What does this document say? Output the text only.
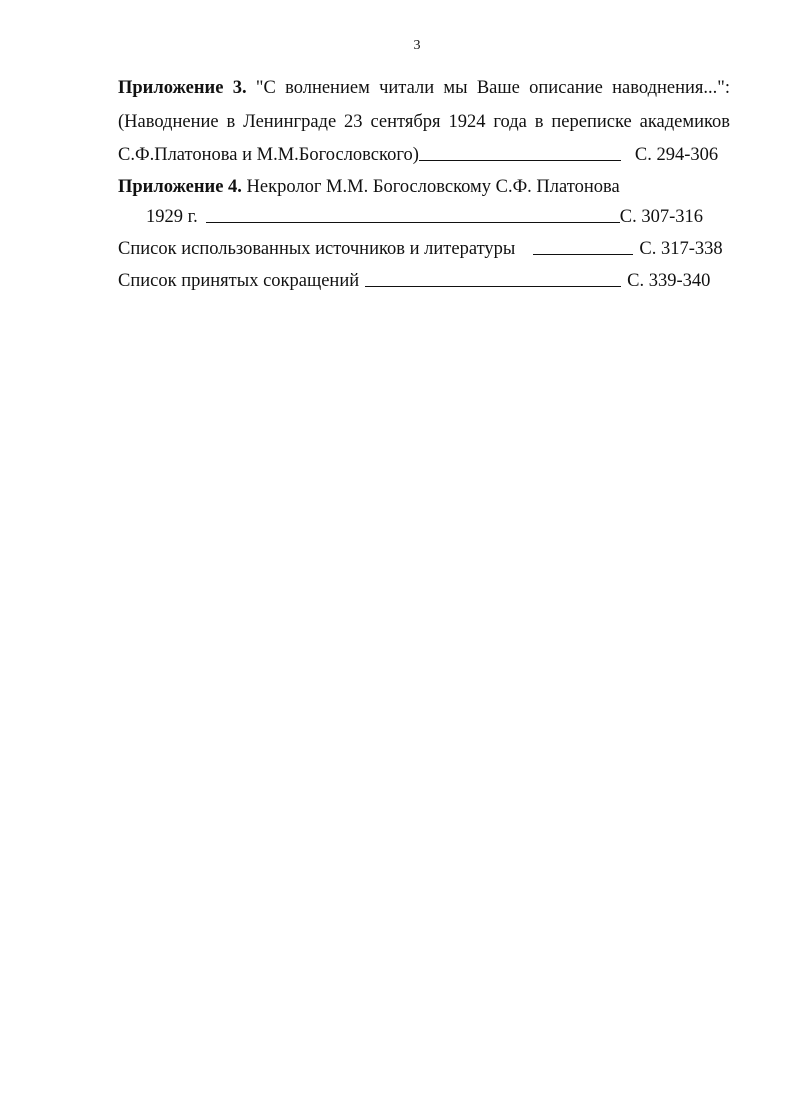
3
Приложение 3. "С волнением читали мы Ваше описание наводнения...":
(Наводнение в Ленинграде 23 сентября 1924 года в переписке академиков
С.Ф.Платонова и М.М.Богословского)	С. 294-306
Приложение 4. Некролог М.М. Богословскому С.Ф. Платонова
1929 г.	С. 307-316
Список использованных источников и литературы	С. 317-338
Список принятых сокращений	С. 339-340
